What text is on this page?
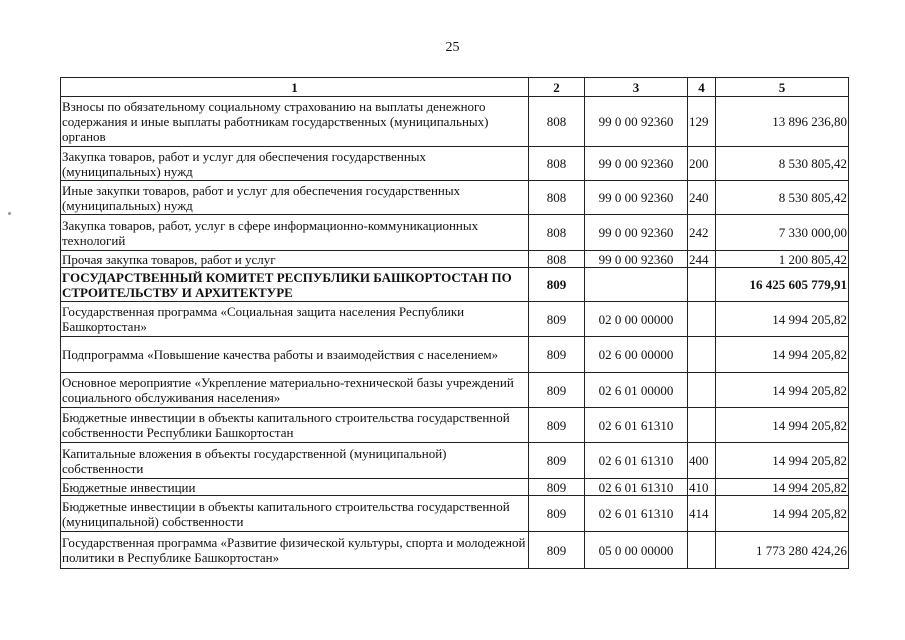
25
1	2	3	4	5
Взносы по обязательному социальному страхованию на выплаты денежного содержания и иные выплаты работникам государственных (муниципальных) органов	808	99 0 00 92360	129	13 896 236,80
Закупка товаров, работ и услуг для обеспечения государственных (муниципальных) нужд	808	99 0 00 92360	200	8 530 805,42
Иные закупки товаров, работ и услуг для обеспечения государственных (муниципальных) нужд	808	99 0 00 92360	240	8 530 805,42
Закупка товаров, работ, услуг в сфере информационно-коммуникационных технологий	808	99 0 00 92360	242	7 330 000,00
Прочая закупка товаров, работ и услуг	808	99 0 00 92360	244	1 200 805,42
ГОСУДАРСТВЕННЫЙ КОМИТЕТ РЕСПУБЛИКИ БАШКОРТОСТАН ПО СТРОИТЕЛЬСТВУ И АРХИТЕКТУРЕ	809			16 425 605 779,91
Государственная программа «Социальная защита населения Республики Башкортостан»	809	02 0 00 00000		14 994 205,82
Подпрограмма «Повышение качества работы и взаимодействия с населением»	809	02 6 00 00000		14 994 205,82
Основное мероприятие «Укрепление материально-технической базы учреждений социального обслуживания населения»	809	02 6 01 00000		14 994 205,82
Бюджетные инвестиции в объекты капитального строительства государственной собственности Республики Башкортостан	809	02 6 01 61310		14 994 205,82
Капитальные вложения в объекты государственной (муниципальной) собственности	809	02 6 01 61310	400	14 994 205,82
Бюджетные инвестиции	809	02 6 01 61310	410	14 994 205,82
Бюджетные инвестиции в объекты капитального строительства государственной (муниципальной) собственности	809	02 6 01 61310	414	14 994 205,82
Государственная программа «Развитие физической культуры, спорта и молодежной политики в Республике Башкортостан»	809	05 0 00 00000		1 773 280 424,26
